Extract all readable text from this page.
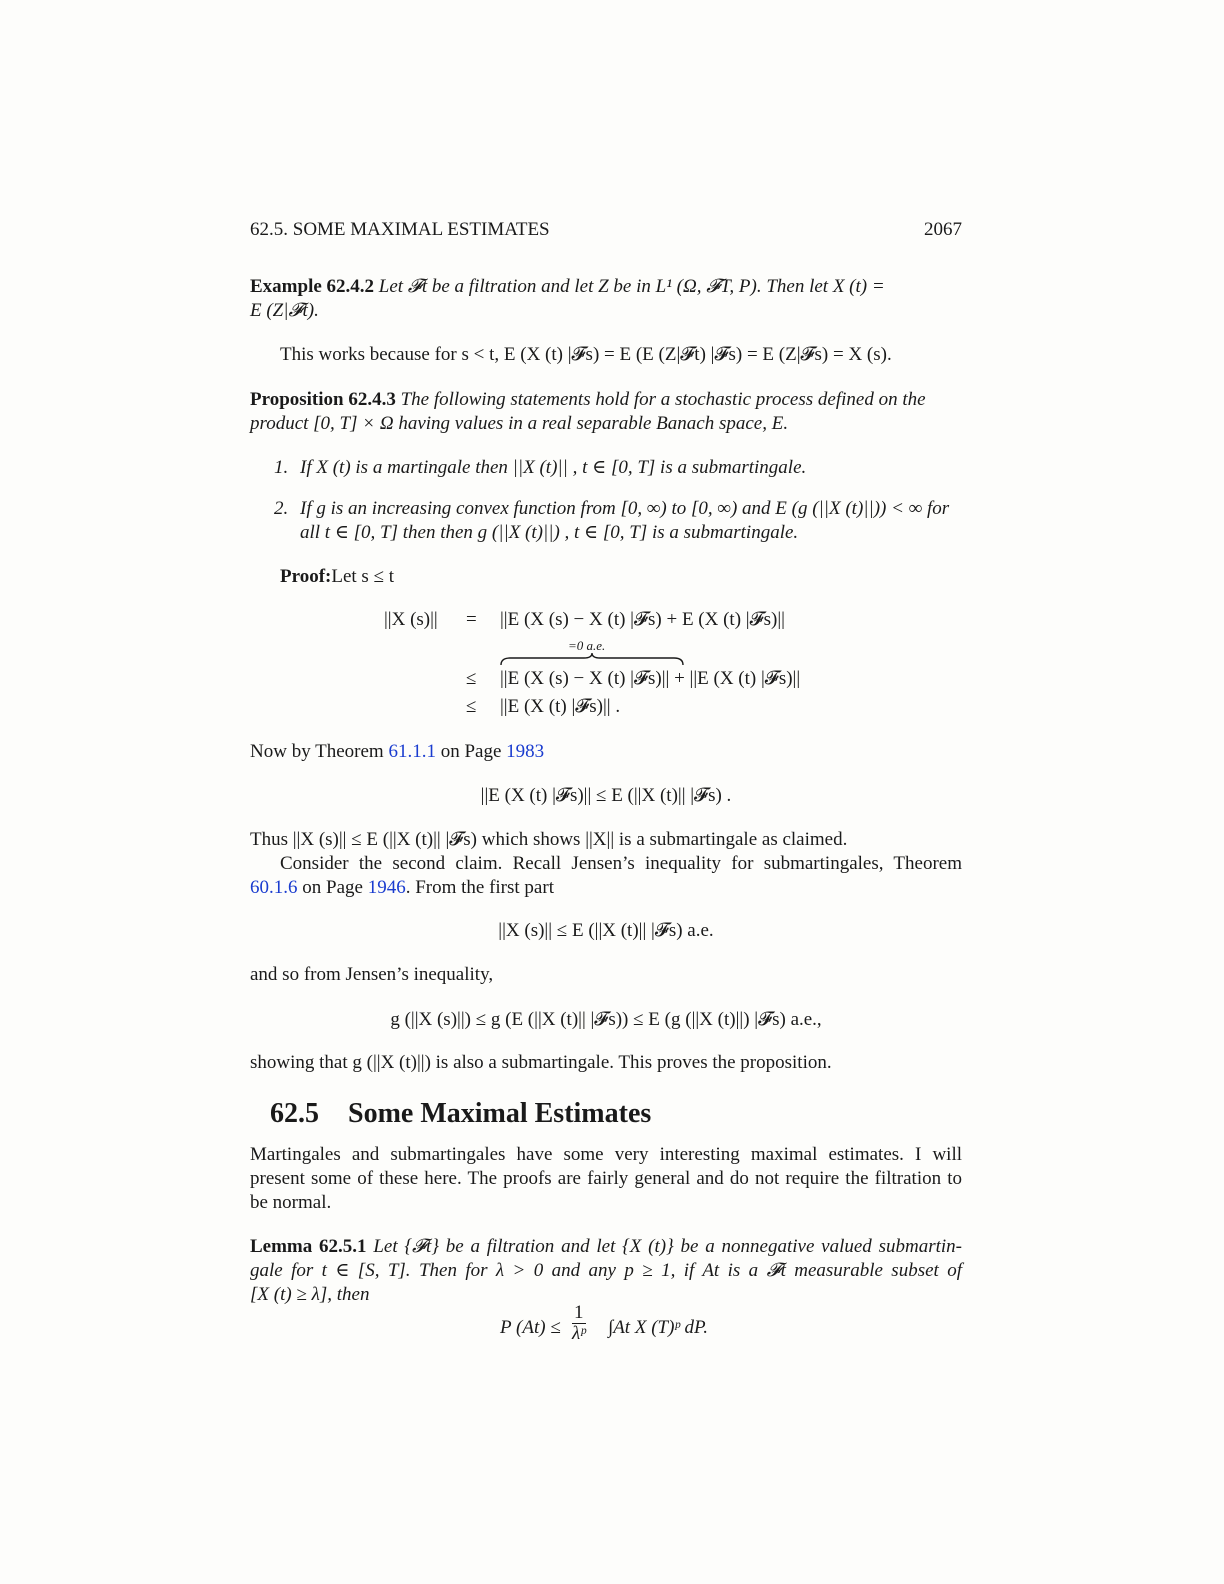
62.5. SOME MAXIMAL ESTIMATES	2067
Example 62.4.2 Let 𝓕t be a filtration and let Z be in L¹ (Ω, 𝓕T, P). Then let X (t) =
E (Z|𝓕t).
This works because for s < t, E (X (t) |𝓕s) = E (E (Z|𝓕t) |𝓕s) = E (Z|𝓕s) = X (s).
Proposition 62.4.3 The following statements hold for a stochastic process defined on the
product [0, T] × Ω having values in a real separable Banach space, E.
1. If X (t) is a martingale then ||X (t)|| , t ∈ [0, T] is a submartingale.
2. If g is an increasing convex function from [0, ∞) to [0, ∞) and E (g (||X (t)||)) < ∞ for
all t ∈ [0, T] then then g (||X (t)||) , t ∈ [0, T] is a submartingale.
Proof:Let s ≤ t
||X (s)|| = ||E (X (s) − X (t) |𝓕s) + E (X (t) |𝓕s)||
=0 a.e.
≤ ||E (X (s) − X (t) |𝓕s)|| + ||E (X (t) |𝓕s)||
≤ ||E (X (t) |𝓕s)|| .
Now by Theorem 61.1.1 on Page 1983
||E (X (t) |𝓕s)|| ≤ E (||X (t)|| |𝓕s) .
Thus ||X (s)|| ≤ E (||X (t)|| |𝓕s) which shows ||X|| is a submartingale as claimed.
Consider the second claim. Recall Jensen’s inequality for submartingales, Theorem
60.1.6 on Page 1946. From the first part
||X (s)|| ≤ E (||X (t)|| |𝓕s) a.e.
and so from Jensen’s inequality,
g (||X (s)||) ≤ g (E (||X (t)|| |𝓕s)) ≤ E (g (||X (t)||) |𝓕s) a.e.,
showing that g (||X (t)||) is also a submartingale. This proves the proposition.
62.5 Some Maximal Estimates
Martingales and submartingales have some very interesting maximal estimates. I will
present some of these here. The proofs are fairly general and do not require the filtration to
be normal.
Lemma 62.5.1 Let {𝓕t} be a filtration and let {X (t)} be a nonnegative valued submartin-
gale for t ∈ [S, T]. Then for λ > 0 and any p ≥ 1, if At is a 𝓕t measurable subset of
[X (t) ≥ λ], then
P $(At) \le \frac{1}{\text{λᵖ}} \int At$ X (T)ᵖ dP.
